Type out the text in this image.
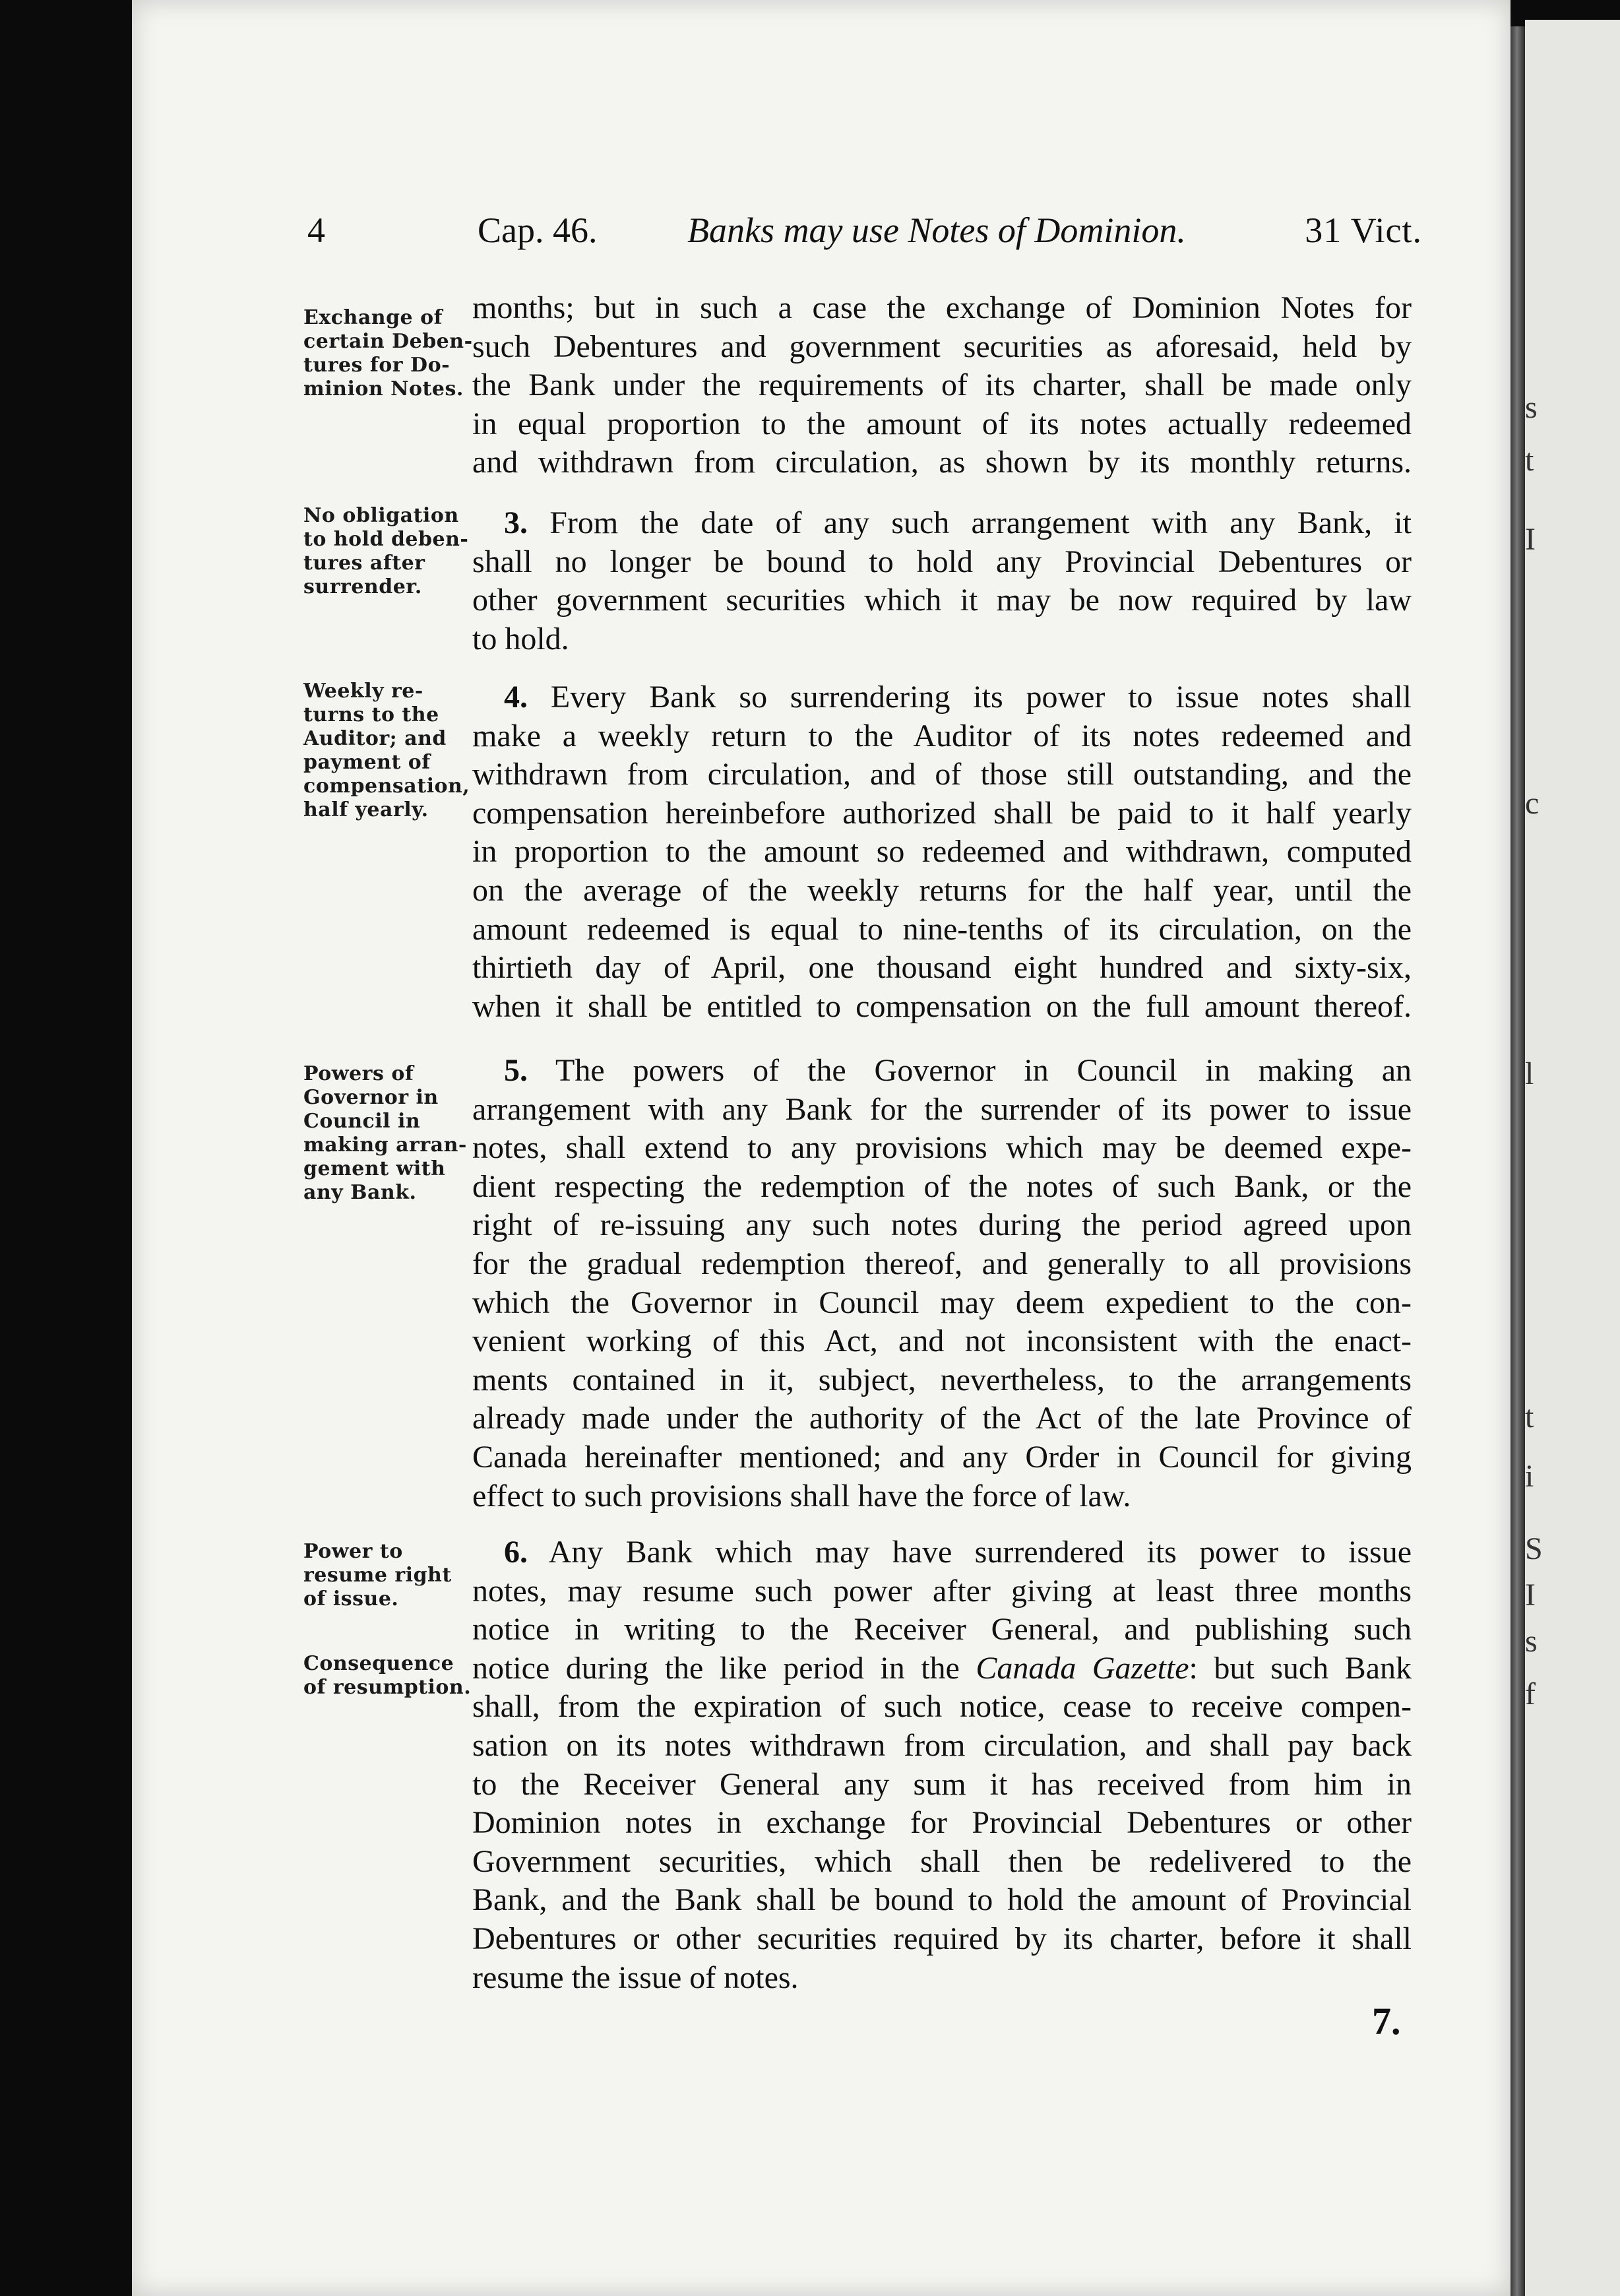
s
t
I
c
l
t
i
S
I
s
f
4	Cap. 46.	Banks may use Notes of Dominion.	31 Vict.
Exchange of
certain Deben-
tures for Do-
minion Notes.
No obligation
to hold deben-
tures after
surrender.
Weekly re-
turns to the
Auditor; and
payment of
compensation,
half yearly.
Powers of
Governor in
Council in
making arran-
gement with
any Bank.
Power to
resume right
of issue.
Consequence
of resumption.
months; but in such a case the exchange of Dominion Notes for
such Debentures and government securities as aforesaid, held by
the Bank under the requirements of its charter, shall be made only
in equal proportion to the amount of its notes actually redeemed
and withdrawn from circulation, as shown by its monthly returns.
3. From the date of any such arrangement with any Bank, it
shall no longer be bound to hold any Provincial Debentures or
other government securities which it may be now required by law
to hold.
4. Every Bank so surrendering its power to issue notes shall
make a weekly return to the Auditor of its notes redeemed and
withdrawn from circulation, and of those still outstanding, and the
compensation hereinbefore authorized shall be paid to it half yearly
in proportion to the amount so redeemed and withdrawn, computed
on the average of the weekly returns for the half year, until the
amount redeemed is equal to nine-tenths of its circulation, on the
thirtieth day of April, one thousand eight hundred and sixty-six,
when it shall be entitled to compensation on the full amount thereof.
5. The powers of the Governor in Council in making an
arrangement with any Bank for the surrender of its power to issue
notes, shall extend to any provisions which may be deemed expe-
dient respecting the redemption of the notes of such Bank, or the
right of re-issuing any such notes during the period agreed upon
for the gradual redemption thereof, and generally to all provisions
which the Governor in Council may deem expedient to the con-
venient working of this Act, and not inconsistent with the enact-
ments contained in it, subject, nevertheless, to the arrangements
already made under the authority of the Act of the late Province of
Canada hereinafter mentioned; and any Order in Council for giving
effect to such provisions shall have the force of law.
6. Any Bank which may have surrendered its power to issue
notes, may resume such power after giving at least three months
notice in writing to the Receiver General, and publishing such
notice during the like period in the Canada Gazette: but such Bank
shall, from the expiration of such notice, cease to receive compen-
sation on its notes withdrawn from circulation, and shall pay back
to the Receiver General any sum it has received from him in
Dominion notes in exchange for Provincial Debentures or other
Government securities, which shall then be redelivered to the
Bank, and the Bank shall be bound to hold the amount of Provincial
Debentures or other securities required by its charter, before it shall
resume the issue of notes.
7.
